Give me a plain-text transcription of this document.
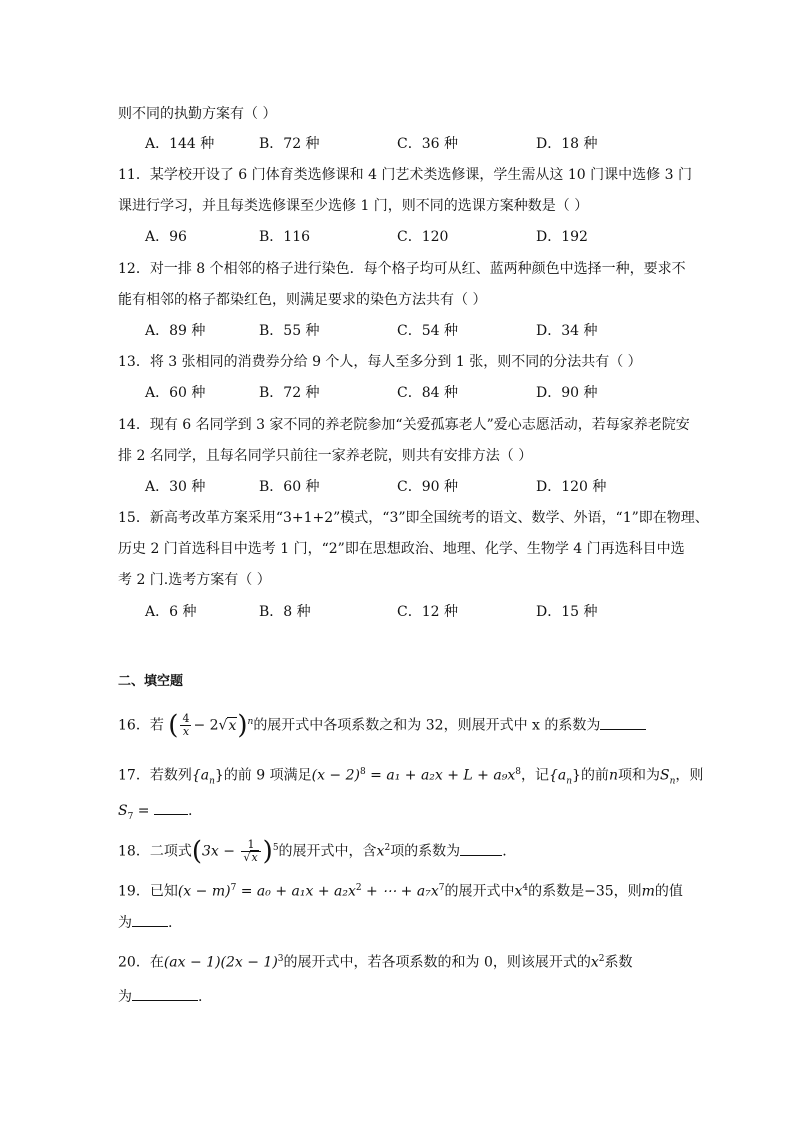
则不同的执勤方案有（ ）
A．144 种	B．72 种	C．36 种	D．18 种
11．某学校开设了 6 门体育类选修课和 4 门艺术类选修课，学生需从这 10 门课中选修 3 门
课进行学习，并且每类选修课至少选修 1 门，则不同的选课方案种数是（ ）
A．96	B．116	C．120	D．192
12．对一排 8 个相邻的格子进行染色．每个格子均可从红、蓝两种颜色中选择一种，要求不
能有相邻的格子都染红色，则满足要求的染色方法共有（ ）
A．89 种	B．55 种	C．54 种	D．34 种
13．将 3 张相同的消费券分给 9 个人，每人至多分到 1 张，则不同的分法共有（ ）
A．60 种	B．72 种	C．84 种	D．90 种
14．现有 6 名同学到 3 家不同的养老院参加“关爱孤寡老人”爱心志愿活动，若每家养老院安
排 2 名同学，且每名同学只前往一家养老院，则共有安排方法（ ）
A．30 种	B．60 种	C．90 种	D．120 种
15．新高考改革方案采用“3+1+2”模式，“3”即全国统考的语文、数学、外语，“1”即在物理、
历史 2 门首选科目中选考 1 门，“2”即在思想政治、地理、化学、生物学 4 门再选科目中选
考 2 门.选考方案有（ ）
A．6 种	B．8 种	C．12 种	D．15 种
二、填空题
16．若 ( $\frac{4}{x} - 2√x)^n$的展开式中各项系数之和为 32，则展开式中 x 的系数为
17．若数列$\{a_n\}$的前 9 项满足$(x - 2)^8 = a_1 + a_2x + L + a_9x^8$，记$\{a_n\}$的前n项和为$S_n$，则
$S_7$ = .
18．二项式$(3x - \frac{1}{√x} )^5$的展开式中，含$x^2$项的系数为	.
19．已知$(x - m)^7 = a_0 + a_1x + a_2x^2$ + ⋯ + $a_7x^7$的展开式中$x^4$的系数是−35，则m的值
为	.
20．在$(ax - 1)(2x - 1)^3$的展开式中，若各项系数的和为 0，则该展开式的$x^2$系数
为	.
